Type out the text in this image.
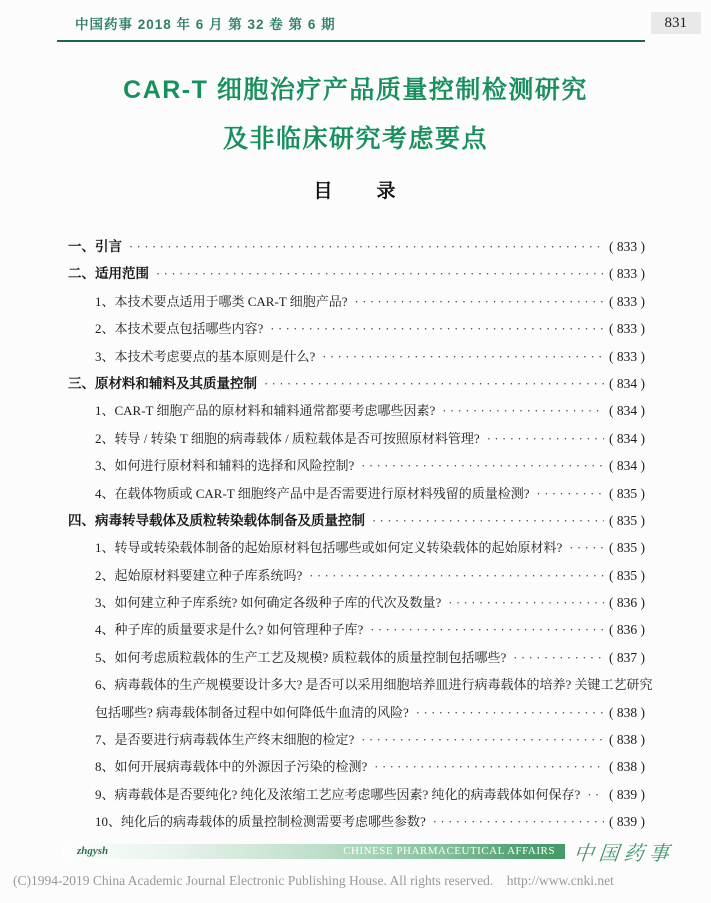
中国药事 2018 年 6 月 第 32 卷 第 6 期	831
CAR-T 细胞治疗产品质量控制检测研究
及非临床研究考虑要点
目　　录
一、引言 ·····	( 833 )
二、适用范围 ·····	( 833 )
1、本技术要点适用于哪类 CAR-T 细胞产品? ·····	( 833 )
2、本技术要点包括哪些内容? ·····	( 833 )
3、本技术考虑要点的基本原则是什么? ·····	( 833 )
三、原材料和辅料及其质量控制 ·····	( 834 )
1、CAR-T 细胞产品的原材料和辅料通常都要考虑哪些因素? ·····	( 834 )
2、转导 / 转染 T 细胞的病毒载体 / 质粒载体是否可按照原材料管理? ·····	( 834 )
3、如何进行原材料和辅料的选择和风险控制? ·····	( 834 )
4、在载体物质或 CAR-T 细胞终产品中是否需要进行原材料残留的质量检测? ·····	( 835 )
四、病毒转导载体及质粒转染载体制备及质量控制 ·····	( 835 )
1、转导或转染载体制备的起始原材料包括哪些或如何定义转染载体的起始原材料? ·····	( 835 )
2、起始原材料要建立种子库系统吗? ·····	( 835 )
3、如何建立种子库系统? 如何确定各级种子库的代次及数量? ·····	( 836 )
4、种子库的质量要求是什么? 如何管理种子库? ·····	( 836 )
5、如何考虑质粒载体的生产工艺及规模? 质粒载体的质量控制包括哪些? ·····	( 837 )
6、病毒载体的生产规模要设计多大? 是否可以采用细胞培养皿进行病毒载体的培养? 关键工艺研究
包括哪些? 病毒载体制备过程中如何降低牛血清的风险? ·····	( 838 )
7、是否要进行病毒载体生产终末细胞的检定? ·····	( 838 )
8、如何开展病毒载体中的外源因子污染的检测? ·····	( 838 )
9、病毒载体是否要纯化? 纯化及浓缩工艺应考虑哪些因素? 纯化的病毒载体如何保存? ····· ( 839 )
10、纯化后的病毒载体的质量控制检测需要考虑哪些参数? ·····	( 839 )
zhgysh	CHINESE PHARMACEUTICAL AFFAIRS 中国药事
(C)1994-2019 China Academic Journal Electronic Publishing House. All rights reserved.    http://www.cnki.net
